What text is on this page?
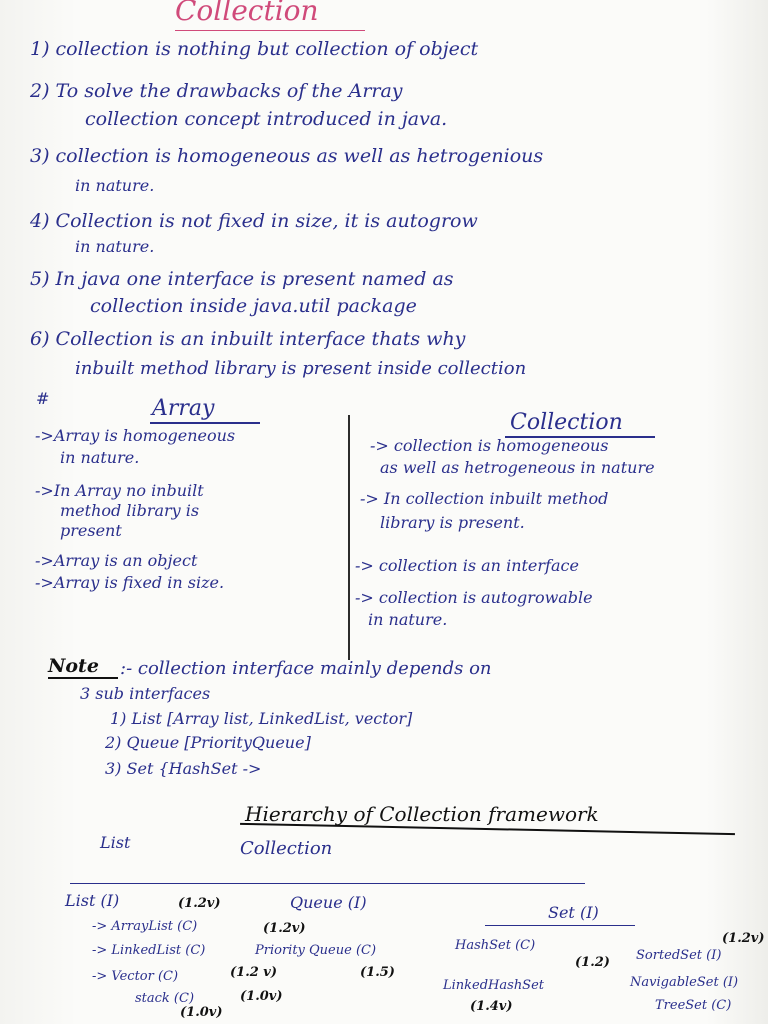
Collection
1) collection is nothing but collection of object
2) To solve the drawbacks of the Array
collection concept introduced in java.
3) collection is homogeneous as well as hetrogenious
in nature.
4) Collection is not fixed in size, it is autogrow
in nature.
5) In java one interface is present named as
collection inside java.util package
6) Collection is an inbuilt interface thats why
inbuilt method library is present inside collection
#	Array
Collection
->Array is homogeneous
in nature.
->In Array no inbuilt
method library is
present
->Array is an object
->Array is fixed in size.
-> collection is homogeneous
as well as hetrogeneous in nature
-> In collection inbuilt method
library is present.
-> collection is an interface
-> collection is autogrowable
in nature.
Note :- collection interface mainly depends on
3 sub interfaces
1) List [Array list, LinkedList, vector]
2) Queue [PriorityQueue]
3) Set {HashSet ->
Hierarchy of Collection framework
List	Collection
List (I)	(1.2v)	Queue (I)
Set (I)
-> ArrayList (C)	(1.2v)
-> LinkedList (C)
(1.2 v)
-> Vector (C)
stack (C)
(1.0v)
(1.0v)
Priority Queue (C)
(1.5)
HashSet (C)
(1.2)
LinkedHashSet
(1.4v)
(1.2v)
SortedSet (I)
NavigableSet (I)
TreeSet (C)
